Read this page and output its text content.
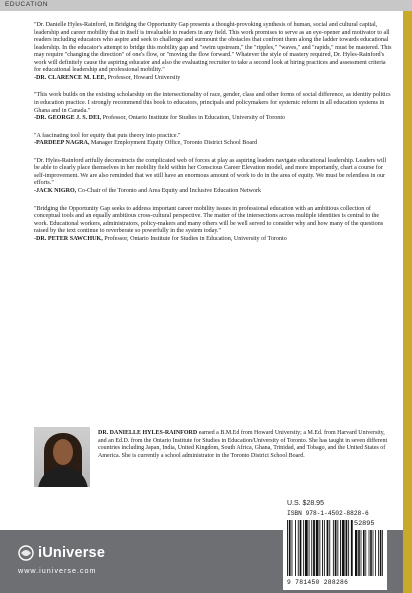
EDUCATION
"Dr. Danielle Hyles-Rainford, in Bridging the Opportunity Gap presents a thought-provoking synthesis of human, social and cultural capital, leadership and career mobility that in itself is invaluable to readers in any field. This work promises to serve as an eye-opener and motivator to all readers including educators who aspire and seek to challenge and surmount the obstacles that confront them along the ladder towards educational leadership. In the educator's attempt to bridge this mobility gap and "swim upstream," the "ripples," "waves," and "rapids," must be mastered. This may require "changing the direction" of one's flow, or "moving the flow forward." Whatever the style of mastery required, Dr. Hyles-Rainford's work will definitely cause the aspiring educator and also the evaluating recruiter to take a second look at hiring practices and assessment criteria for educational leadership and professional mobility."
-DR. CLARENCE M. LEE, Professor, Howard University
"This work builds on the existing scholarship on the intersectionality of race, gender, class and other forms of social difference, as identity politics in education practice. I strongly recommend this book to educators, principals and policymakers for systemic reform in all education systems in Ghana and in Canada."
-DR. GEORGE J. S. DEI, Professor, Ontario Institute for Studies in Education, University of Toronto
"A fascinating tool for equity that puts theory into practice."
-PARDEEP NAGRA, Manager Employment Equity Office, Toronto District School Board
"Dr. Hyles-Rainford artfully deconstructs the complicated web of forces at play as aspiring leaders navigate educational leadership. Leaders will be able to clearly place themselves in her mobility field within her Conscious Career Elevation model, and more importantly, chart a course for self-improvement. We are also reminded that we still have an enormous amount of work to do in the area of equity. We must be relentless in our efforts."
-JACK NIGRO, Co-Chair of the Toronto and Area Equity and Inclusive Education Network
"Bridging the Opportunity Gap seeks to address important career mobility issues in professional education with an ambitious collection of conceptual tools and an equally ambitious cross-cultural perspective. The matter of the intersections across multiple identities is central to the work. Educational workers, administrators, policy-makers and many others will be well served to consider why and how many of the questions raised by the text continue to reverberate so powerfully in the system today."
-DR. PETER SAWCHUK, Professor, Ontario Institute for Studies in Education, University of Toronto
DR. DANIELLE HYLES-RAINFORD earned a B.M.Ed from Howard University; a M.Ed. from Harvard University, and an Ed.D. from the Ontario Institute for Studies in Education/University of Toronto. She has taught in seven different countries including Japan, India, United Kingdom, South Africa, Ghana, Trinidad, and Tobago, and the United States of America. She is currently a school administrator in the Toronto District School Board.
iUniverse
www.iuniverse.com
U.S. $28.95
ISBN 978-1-4502-8828-6
52895
9 781450 288286
